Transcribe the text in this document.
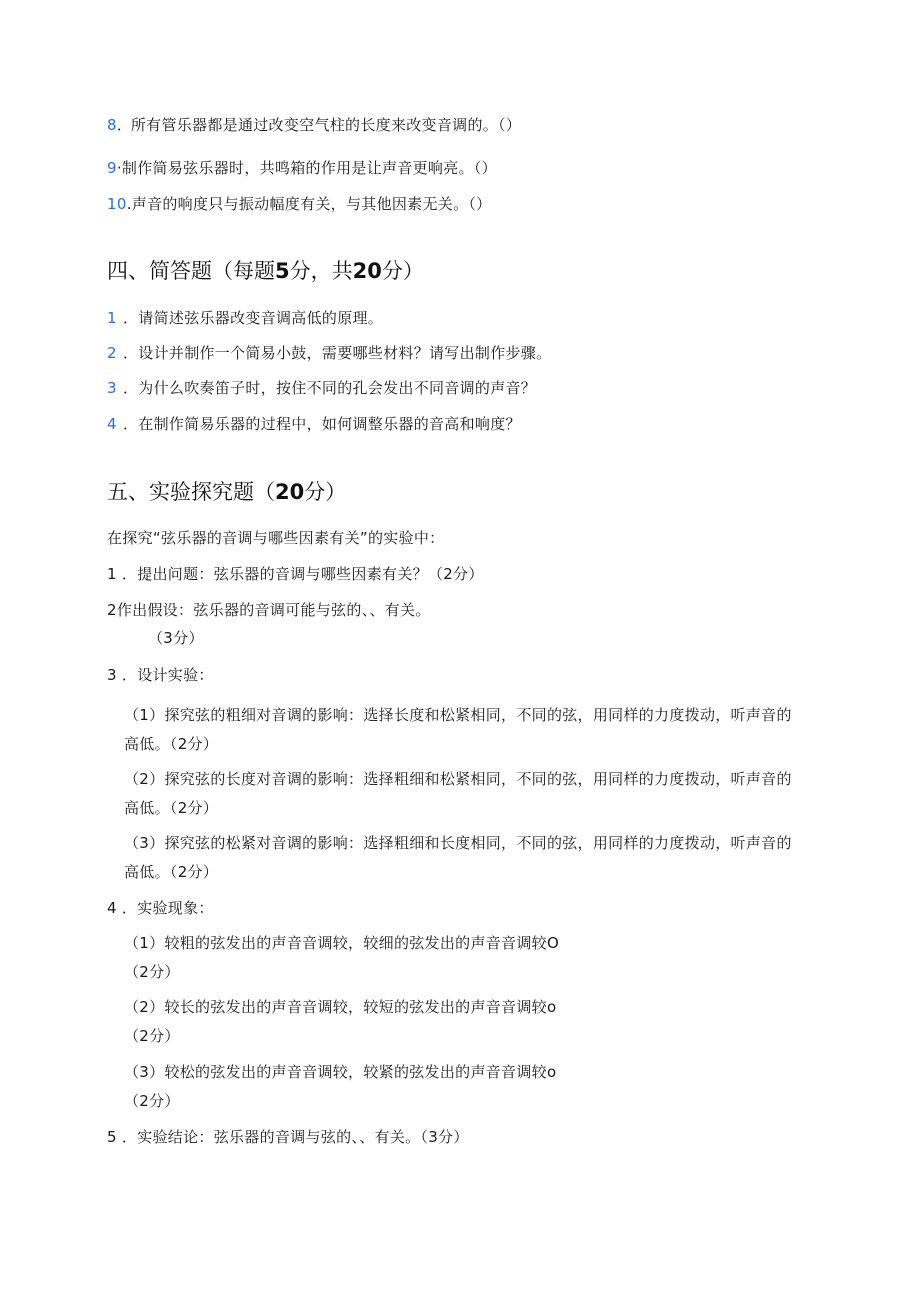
8．所有管乐器都是通过改变空气柱的长度来改变音调的。（）
9·制作简易弦乐器时，共鸣箱的作用是让声音更响亮。（）
10.声音的响度只与振动幅度有关，与其他因素无关。（）
四、简答题（每题5分，共20分）
1 ．请简述弦乐器改变音调高低的原理。
2 ．设计并制作一个简易小鼓，需要哪些材料？请写出制作步骤。
3 ．为什么吹奏笛子时，按住不同的孔会发出不同音调的声音？
4 ．在制作简易乐器的过程中，如何调整乐器的音高和响度？
五、实验探究题（20分）
在探究“弦乐器的音调与哪些因素有关”的实验中：
1 ．提出问题：弦乐器的音调与哪些因素有关？（2分）
2作出假设：弦乐器的音调可能与弦的、、有关。
（3分）
3 ．设计实验：
（1）探究弦的粗细对音调的影响：选择长度和松紧相同，不同的弦，用同样的力度拨动，听声音的高低。（2分）
（2）探究弦的长度对音调的影响：选择粗细和松紧相同，不同的弦，用同样的力度拨动，听声音的高低。（2分）
（3）探究弦的松紧对音调的影响：选择粗细和长度相同，不同的弦，用同样的力度拨动，听声音的高低。（2分）
4 ．实验现象：
（1）较粗的弦发出的声音音调较，较细的弦发出的声音音调较O
（2分）
（2）较长的弦发出的声音音调较，较短的弦发出的声音音调较o
（2分）
（3）较松的弦发出的声音音调较，较紧的弦发出的声音音调较o
（2分）
5 ．实验结论：弦乐器的音调与弦的、、有关。（3分）
